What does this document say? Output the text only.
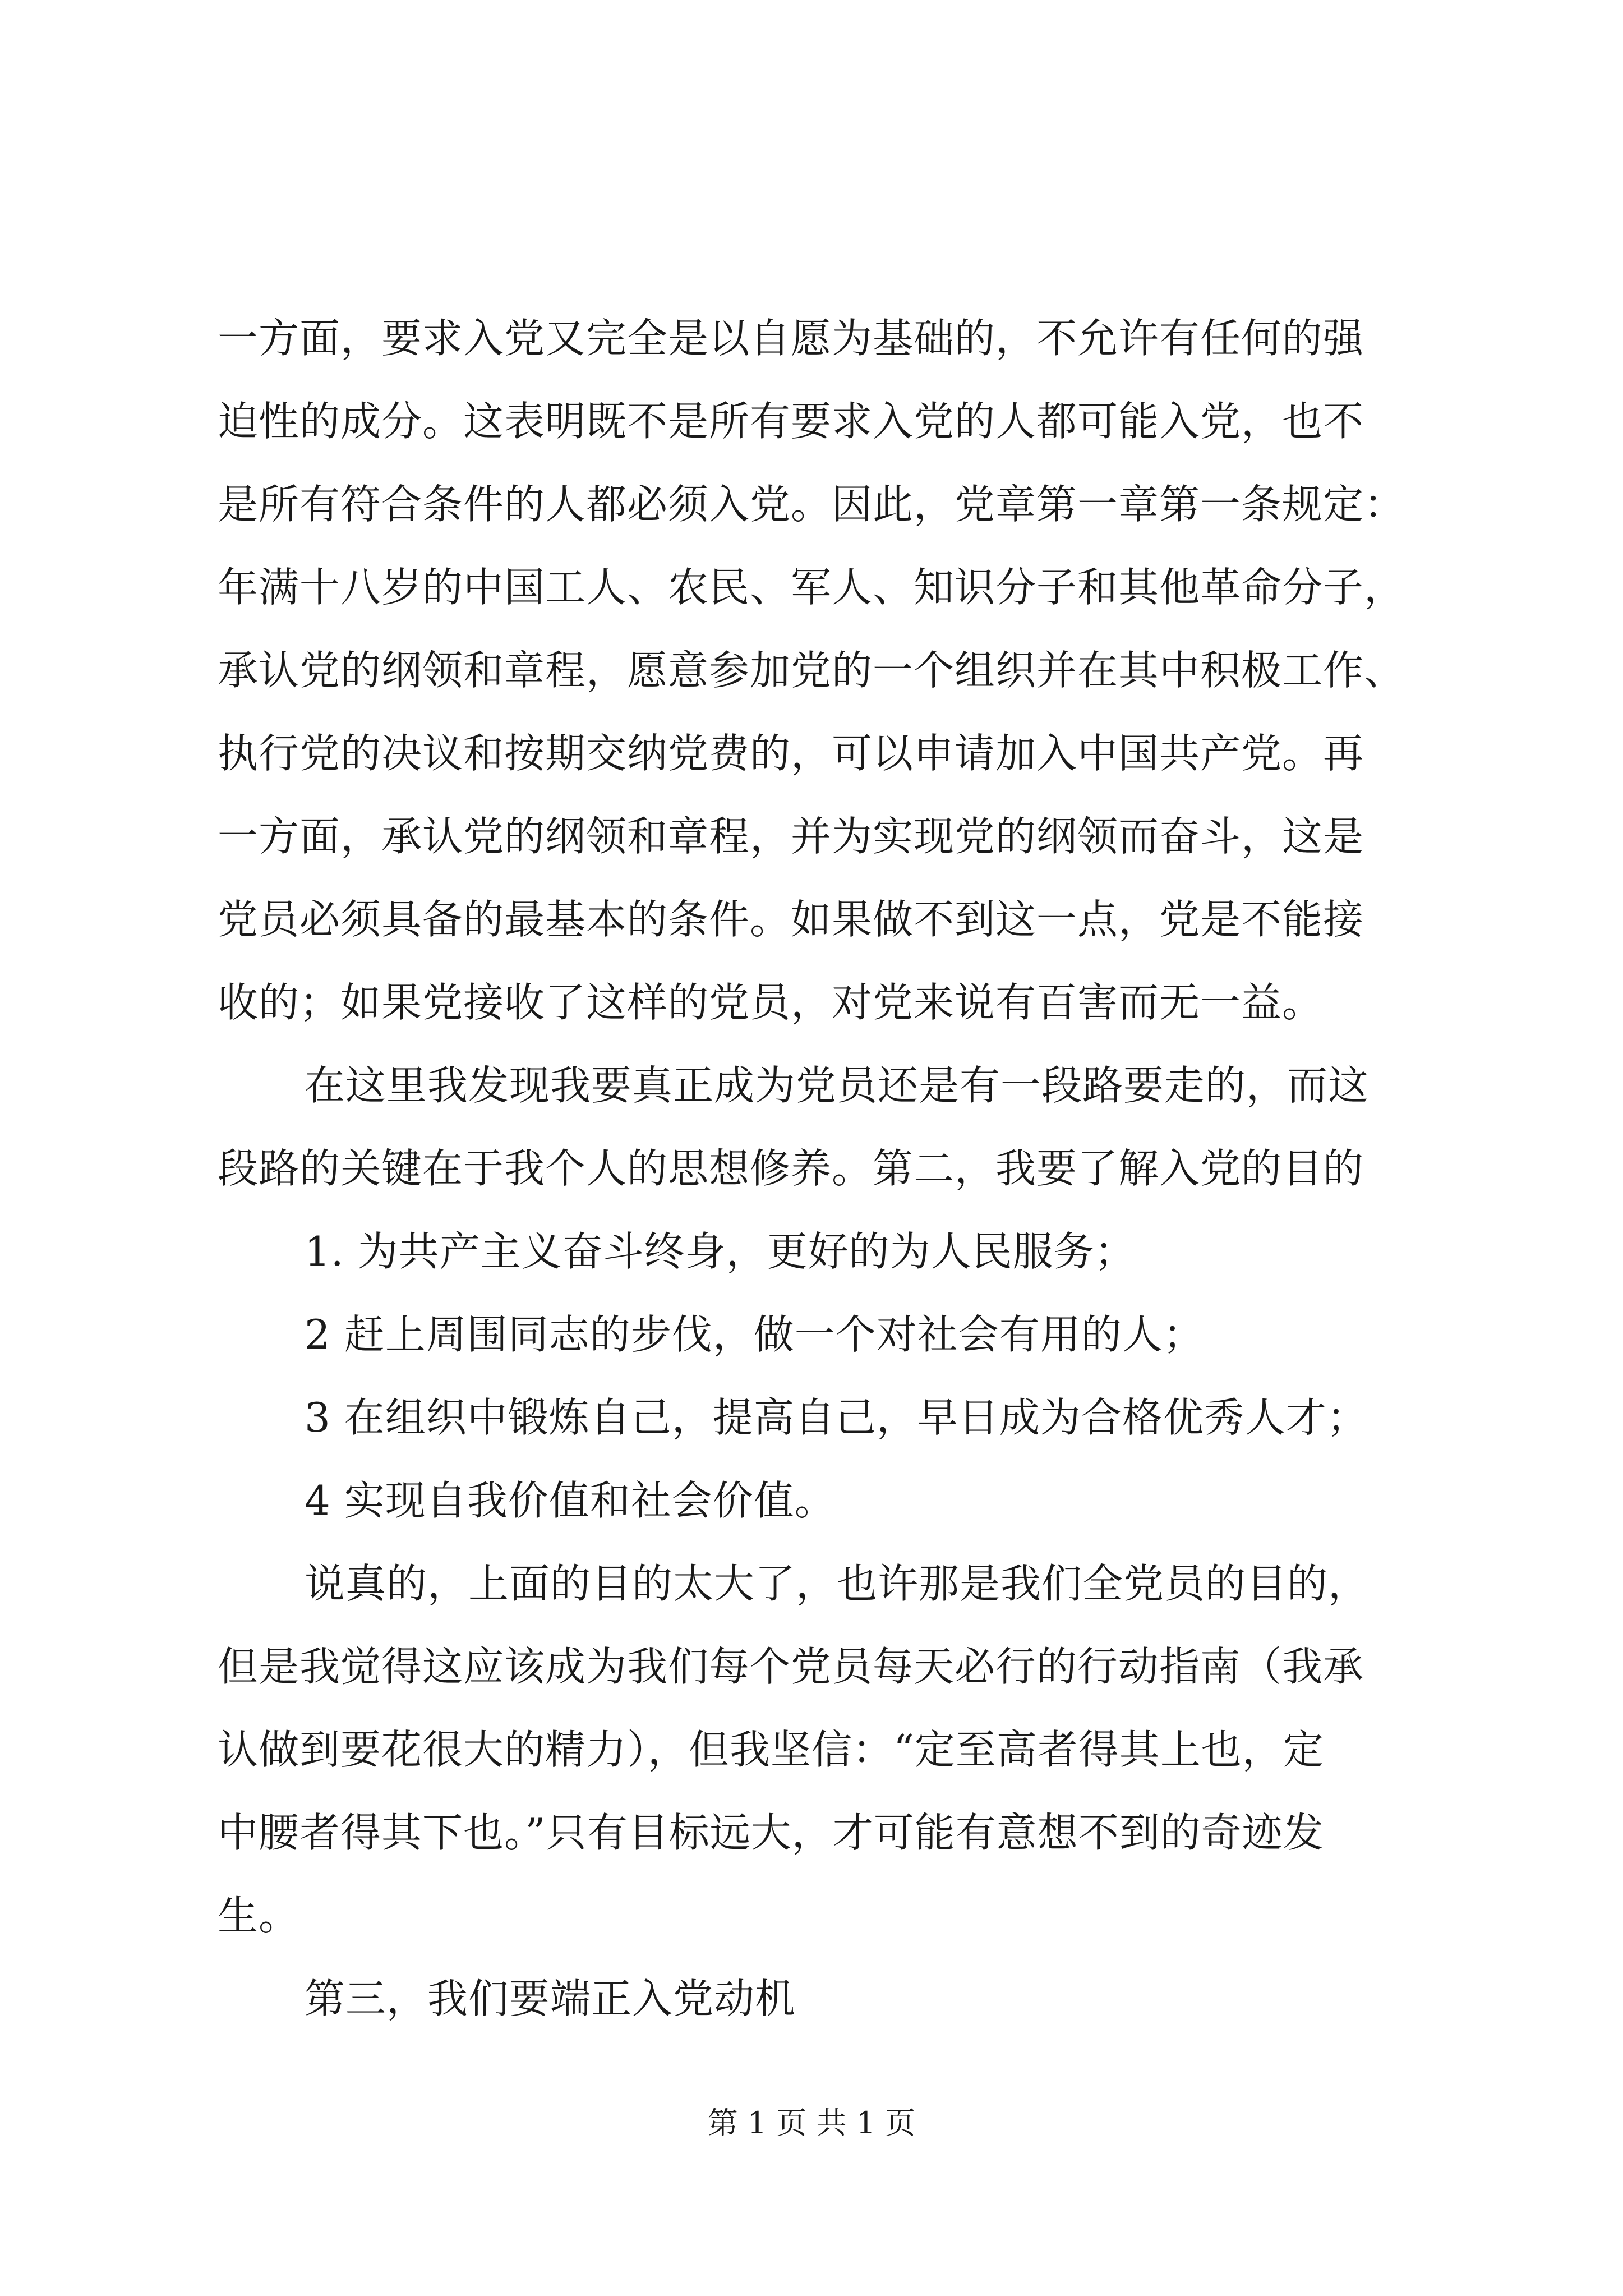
一方面，要求入党又完全是以自愿为基础的，不允许有任何的强
迫性的成分。这表明既不是所有要求入党的人都可能入党，也不
是所有符合条件的人都必须入党。因此，党章第一章第一条规定：
年满十八岁的中国工人、农民、军人、知识分子和其他革命分子，
承认党的纲领和章程，愿意参加党的一个组织并在其中积极工作、
执行党的决议和按期交纳党费的，可以申请加入中国共产党。再
一方面，承认党的纲领和章程，并为实现党的纲领而奋斗，这是
党员必须具备的最基本的条件。如果做不到这一点，党是不能接
收的；如果党接收了这样的党员，对党来说有百害而无一益。
在这里我发现我要真正成为党员还是有一段路要走的，而这
段路的关键在于我个人的思想修养。第二，我要了解入党的目的
1. 为共产主义奋斗终身，更好的为人民服务；
2 赶上周围同志的步伐，做一个对社会有用的人；
3 在组织中锻炼自己，提高自己，早日成为合格优秀人才；
4 实现自我价值和社会价值。
说真的，上面的目的太大了，也许那是我们全党员的目的，
但是我觉得这应该成为我们每个党员每天必行的行动指南（我承
认做到要花很大的精力），但我坚信：“定至高者得其上也，定
中腰者得其下也。”只有目标远大，才可能有意想不到的奇迹发
生。
第三，我们要端正入党动机
第 1 页 共 1 页
